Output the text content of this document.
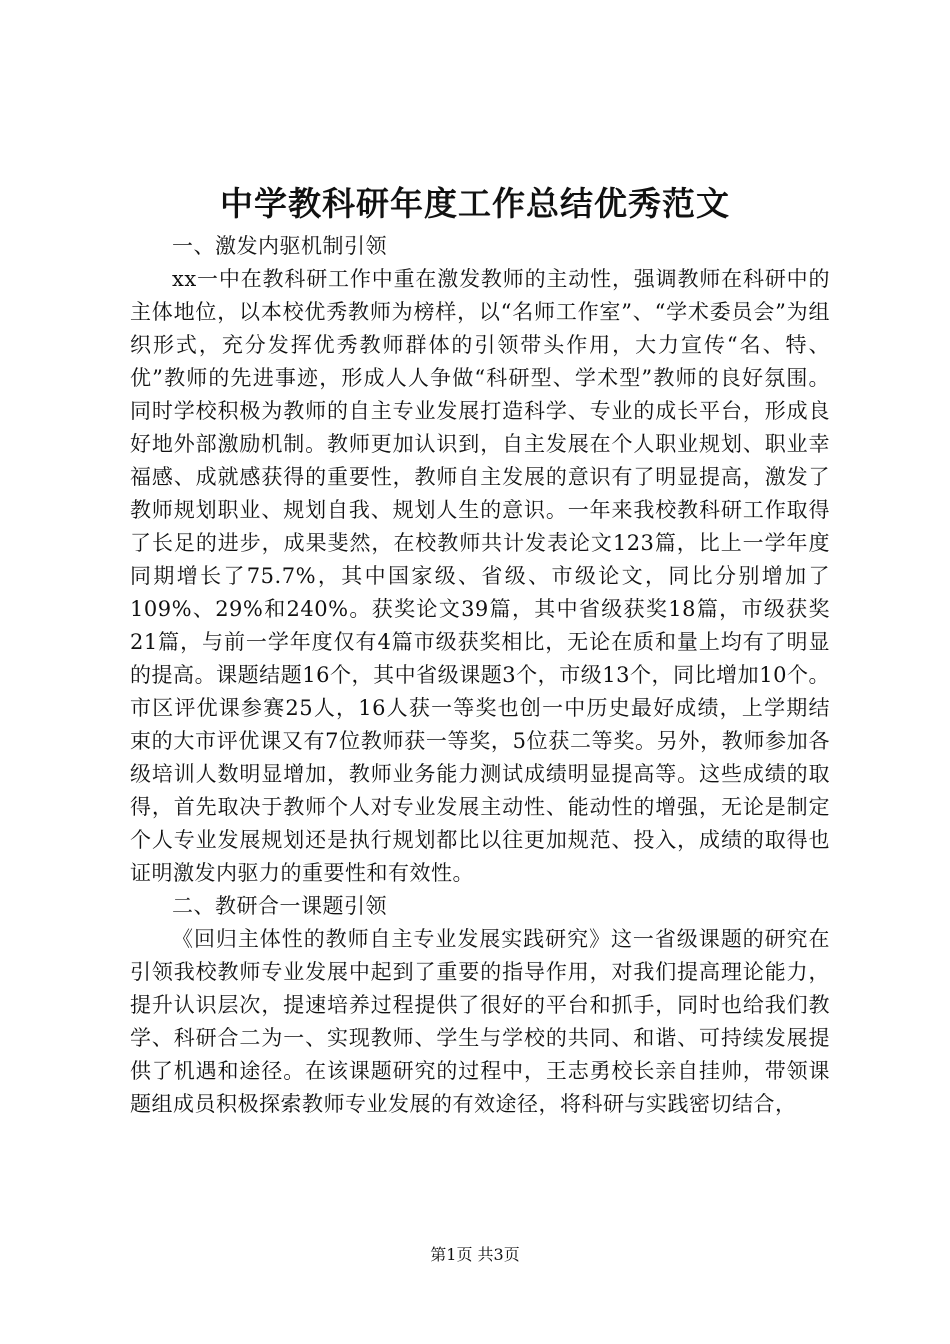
中学教科研年度工作总结优秀范文

一、激发内驱机制引领

xx一中在教科研工作中重在激发教师的主动性，强调教师在科研中的主体地位，以本校优秀教师为榜样，以“名师工作室”、“学术委员会”为组织形式，充分发挥优秀教师群体的引领带头作用，大力宣传“名、特、优”教师的先进事迹，形成人人争做“科研型、学术型”教师的良好氛围。同时学校积极为教师的自主专业发展打造科学、专业的成长平台，形成良好地外部激励机制。教师更加认识到，自主发展在个人职业规划、职业幸福感、成就感获得的重要性，教师自主发展的意识有了明显提高，激发了教师规划职业、规划自我、规划人生的意识。一年来我校教科研工作取得了长足的进步，成果斐然，在校教师共计发表论文123篇，比上一学年度同期增长了75.7%，其中国家级、省级、市级论文，同比分别增加了109%、29%和240%。获奖论文39篇，其中省级获奖18篇，市级获奖21篇，与前一学年度仅有4篇市级获奖相比，无论在质和量上均有了明显的提高。课题结题16个，其中省级课题3个，市级13个，同比增加10个。市区评优课参赛25人，16人获一等奖也创一中历史最好成绩，上学期结束的大市评优课又有7位教师获一等奖，5位获二等奖。另外，教师参加各级培训人数明显增加，教师业务能力测试成绩明显提高等。这些成绩的取得，首先取决于教师个人对专业发展主动性、能动性的增强，无论是制定个人专业发展规划还是执行规划都比以往更加规范、投入，成绩的取得也证明激发内驱力的重要性和有效性。

二、教研合一课题引领

《回归主体性的教师自主专业发展实践研究》这一省级课题的研究在引领我校教师专业发展中起到了重要的指导作用，对我们提高理论能力，提升认识层次，提速培养过程提供了很好的平台和抓手，同时也给我们教学、科研合二为一、实现教师、学生与学校的共同、和谐、可持续发展提供了机遇和途径。在该课题研究的过程中，王志勇校长亲自挂帅，带领课题组成员积极探索教师专业发展的有效途径，将科研与实践密切结合，

第1页 共3页
